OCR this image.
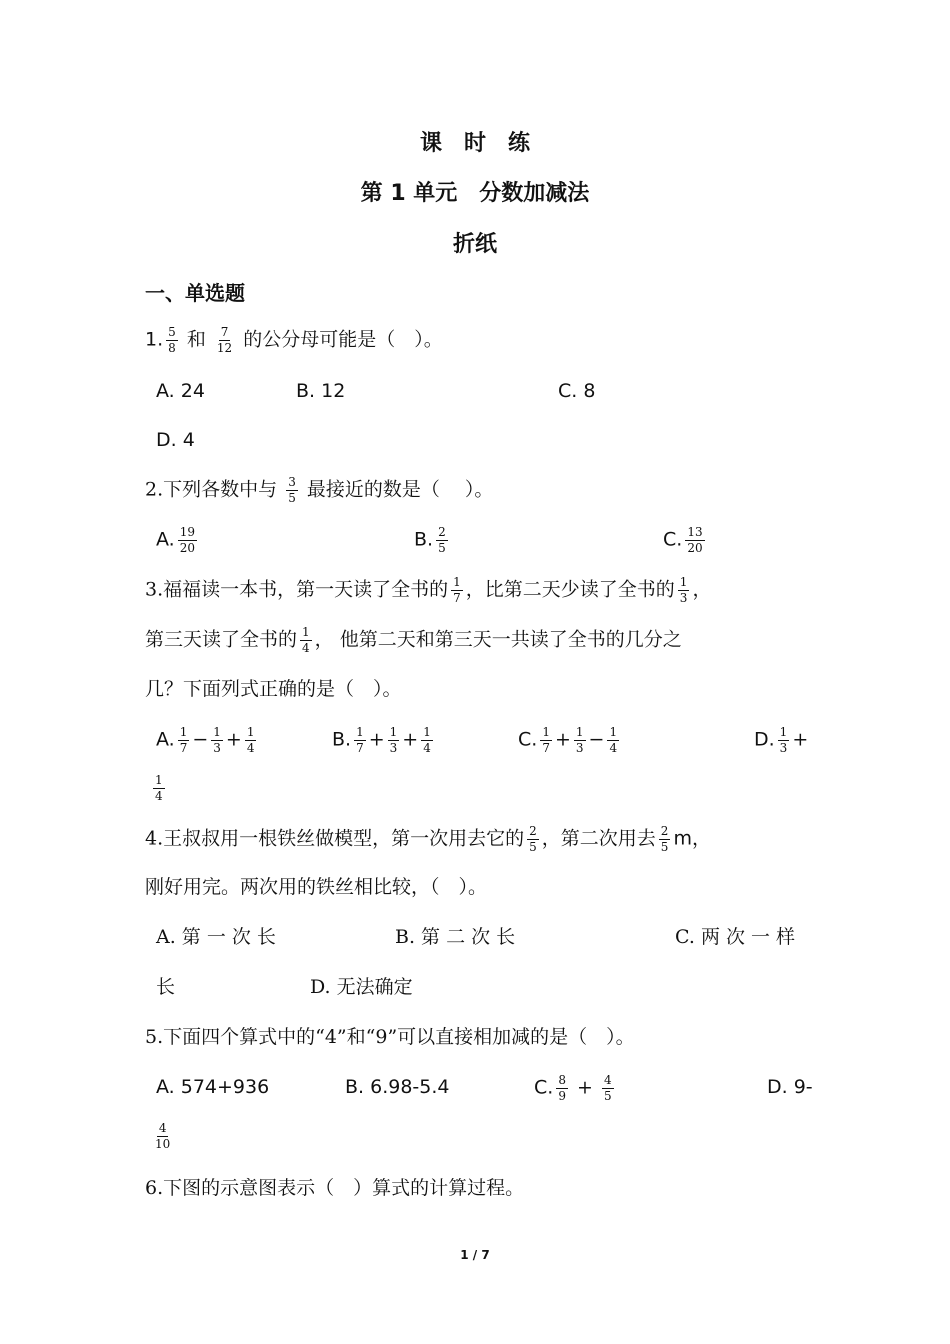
课　时　练
第 1 单元　分数加减法
折纸
一、单选题
1. $\frac{5}{8}$ 和 $\frac{7}{12}$ 的公分母可能是（　）。
A. 24	B. 12	C. 8
D. 4
2.下列各数中与 $\frac{3}{5}$ 最接近的数是（　 ）。
A. $\frac{19}{20}$	B. $\frac{2}{5}$	C. $\frac{13}{20}$
3.福福读一本书，第一天读了全书的 $\frac{1}{7}$ ，比第二天少读了全书的 $\frac{1}{3}$ ，
第三天读了全书的 $\frac{1}{4}$ ， 他第二天和第三天一共读了全书的几分之
几？下面列式正确的是（　）。
A. $\frac{1}{7} - \frac{1}{3} + \frac{1}{4}$	B. $\frac{1}{7} + \frac{1}{3} + \frac{1}{4}$	C. $\frac{1}{7} + \frac{1}{3} - \frac{1}{4}$	D. $\frac{1}{3}$ +
$\frac{1}{4}$
4.王叔叔用一根铁丝做模型，第一次用去它的 $\frac{2}{5}$ ，第二次用去 $\frac{2}{5}$ m，
刚好用完。两次用的铁丝相比较，（　）。
A. 第 一 次 长	B. 第 二 次 长	C. 两 次 一 样
长	D. 无法确定
5.下面四个算式中的“4”和“9”可以直接相加减的是（　）。
A. 574+936	B. 6.98-5.4	C. $\frac{8}{9} + \frac{4}{5}$	D. 9-
$\frac{4}{10}$
6.下图的示意图表示（　）算式的计算过程。
1 / 7
